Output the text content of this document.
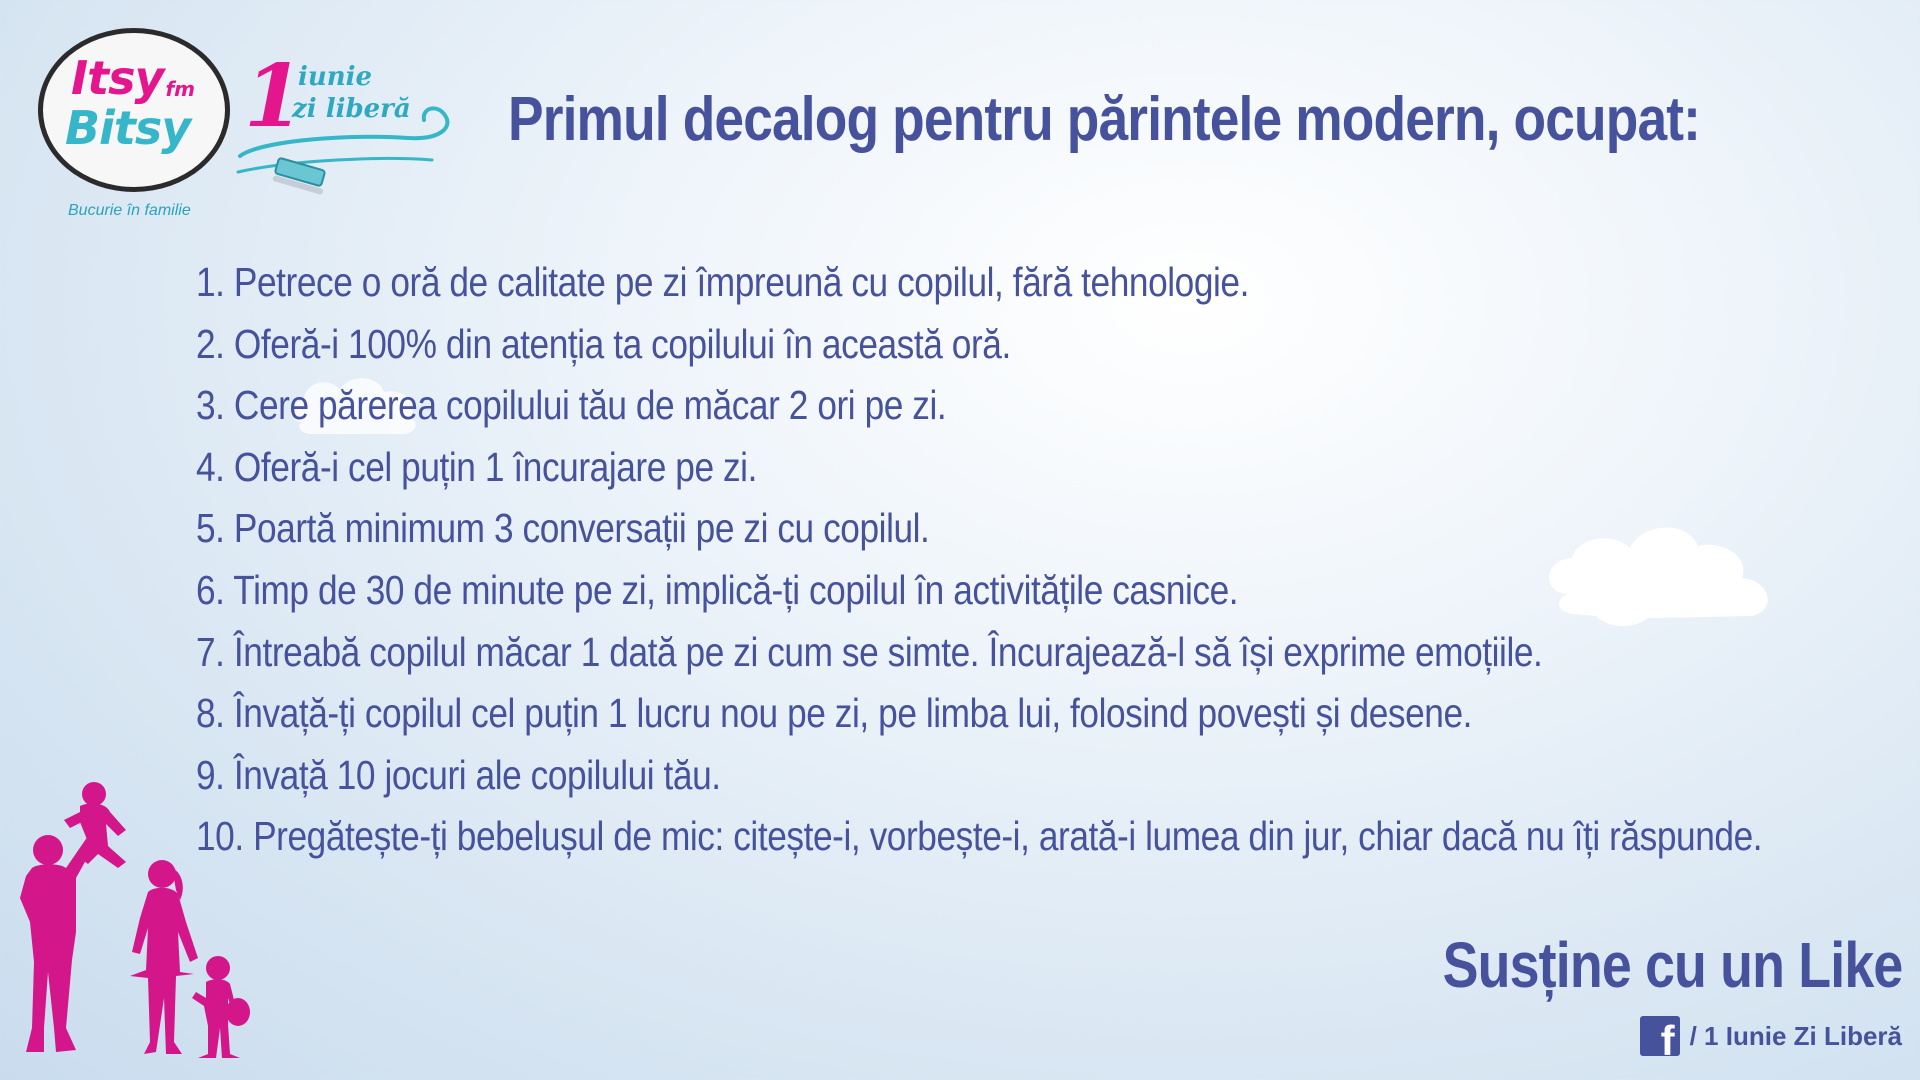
Itsy fm
Bitsy
Bucurie în familie
1
iunie
zi liberă Primul decalog pentru părintele modern, ocupat:
1. Petrece o oră de calitate pe zi împreună cu copilul, fără tehnologie.
2. Oferă-i 100% din atenția ta copilului în această oră.
3. Cere părerea copilului tău de măcar 2 ori pe zi.
4. Oferă-i cel puțin 1 încurajare pe zi.
5. Poartă minimum 3 conversații pe zi cu copilul.
6. Timp de 30 de minute pe zi, implică-ți copilul în activitățile casnice.
7. Întreabă copilul măcar 1 dată pe zi cum se simte. Încurajează-l să își exprime emoțiile.
8. Învață-ți copilul cel puțin 1 lucru nou pe zi, pe limba lui, folosind povești și desene.
9. Învață 10 jocuri ale copilului tău.
10. Pregătește-ți bebelușul de mic: citește-i, vorbește-i, arată-i lumea din jur, chiar dacă nu îți răspunde.
Susține cu un Like
f / 1 Iunie Zi Liberă
